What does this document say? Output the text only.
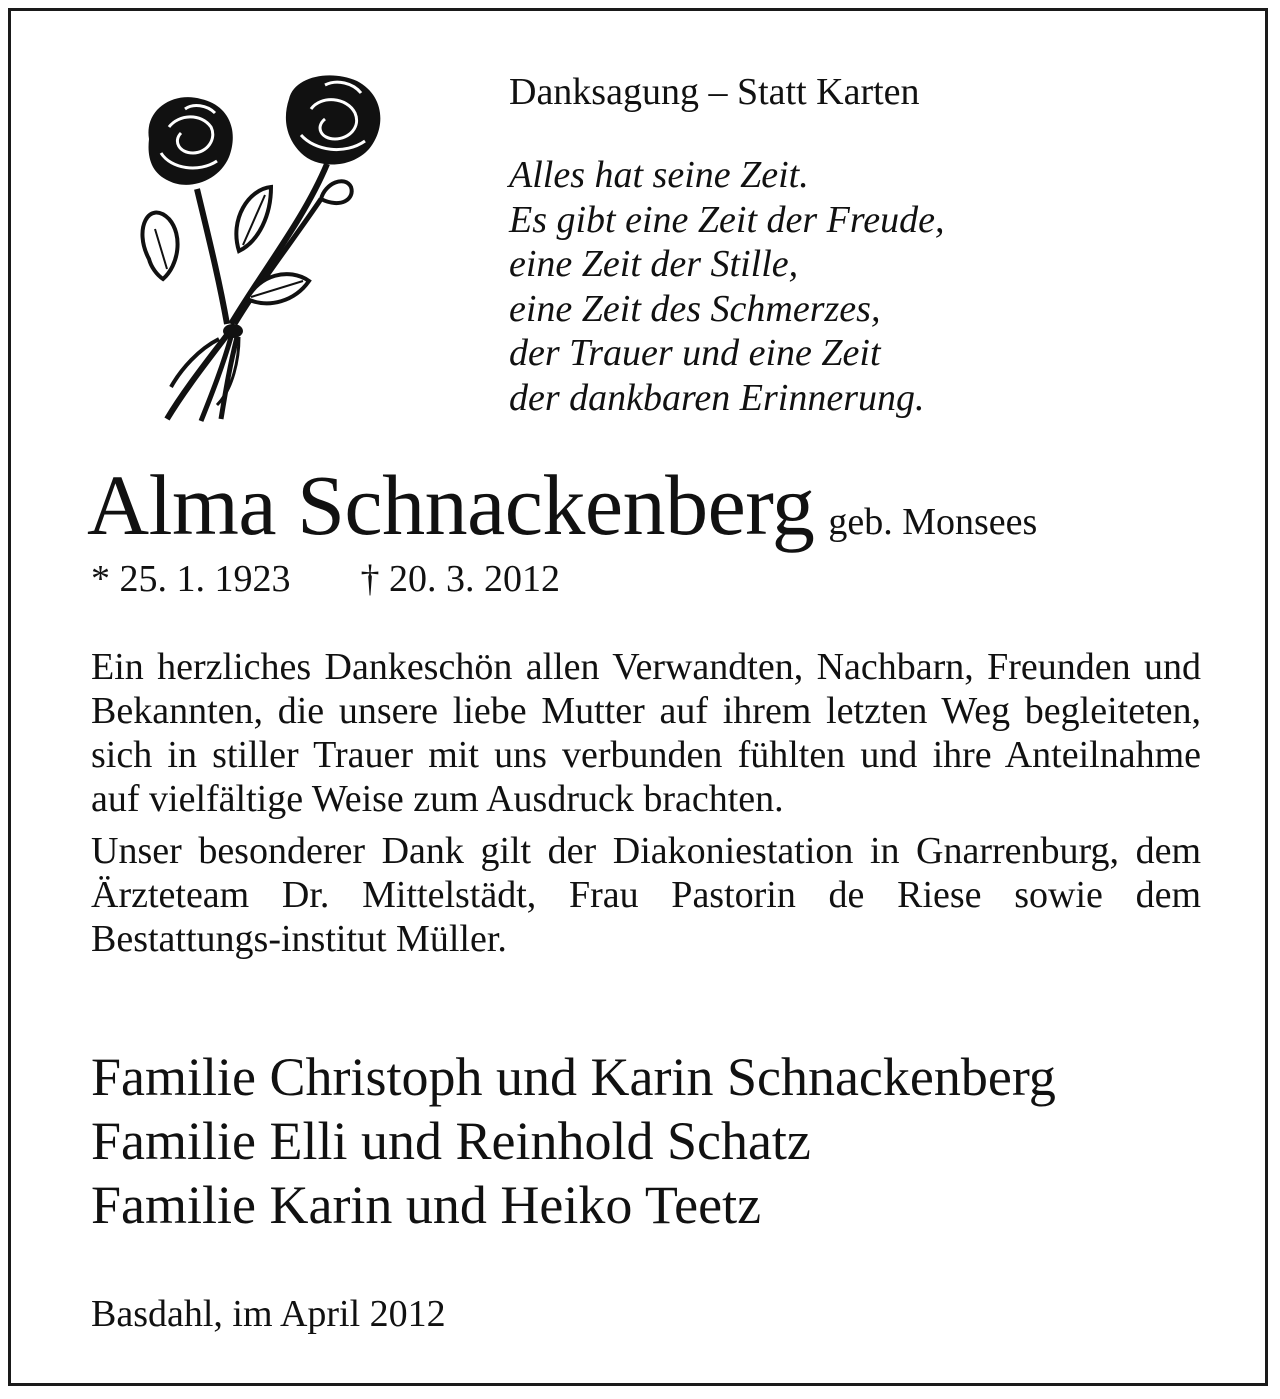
Danksagung – Statt Karten
Alles hat seine Zeit.
Es gibt eine Zeit der Freude,
eine Zeit der Stille,
eine Zeit des Schmerzes,
der Trauer und eine Zeit
der dankbaren Erinnerung.
Alma Schnackenberg geb. Monsees
* 25. 1. 1923 † 20. 3. 2012

Ein herzliches Dankeschön allen Verwandten, Nachbarn, Freunden und Bekannten, die unsere liebe Mutter auf ihrem letzten Weg begleiteten, sich in stiller Trauer mit uns verbunden fühlten und ihre Anteilnahme auf vielfältige Weise zum Ausdruck brachten.

Unser besonderer Dank gilt der Diakoniestation in Gnarrenburg, dem Ärzteteam Dr. Mittelstädt, Frau Pastorin de Riese sowie dem Bestattungs-institut Müller.

Familie Christoph und Karin Schnackenberg
Familie Elli und Reinhold Schatz
Familie Karin und Heiko Teetz
Basdahl, im April 2012
